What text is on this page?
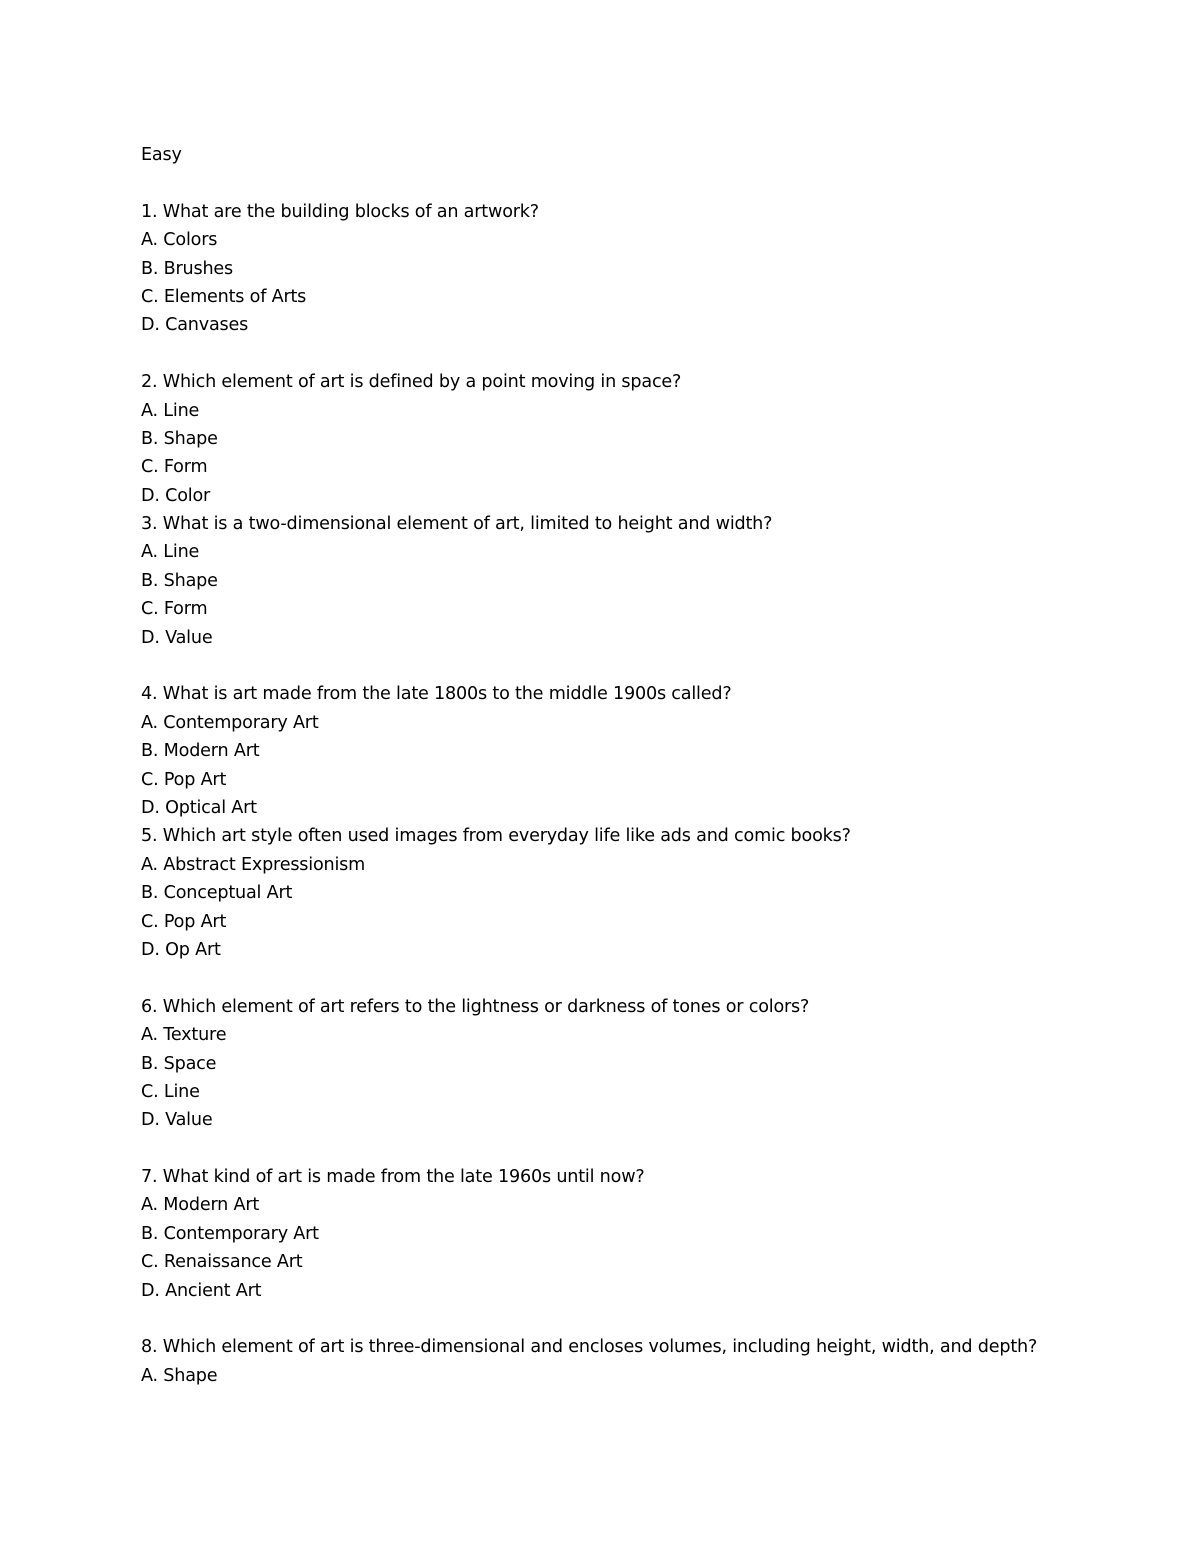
Easy
1. What are the building blocks of an artwork?
A. Colors
B. Brushes
C. Elements of Arts
D. Canvases
2. Which element of art is defined by a point moving in space?
A. Line
B. Shape
C. Form
D. Color
3. What is a two-dimensional element of art, limited to height and width?
A. Line
B. Shape
C. Form
D. Value
4. What is art made from the late 1800s to the middle 1900s called?
A. Contemporary Art
B. Modern Art
C. Pop Art
D. Optical Art
5. Which art style often used images from everyday life like ads and comic books?
A. Abstract Expressionism
B. Conceptual Art
C. Pop Art
D. Op Art
6. Which element of art refers to the lightness or darkness of tones or colors?
A. Texture
B. Space
C. Line
D. Value
7. What kind of art is made from the late 1960s until now?
A. Modern Art
B. Contemporary Art
C. Renaissance Art
D. Ancient Art
8. Which element of art is three-dimensional and encloses volumes, including height, width, and depth?
A. Shape
